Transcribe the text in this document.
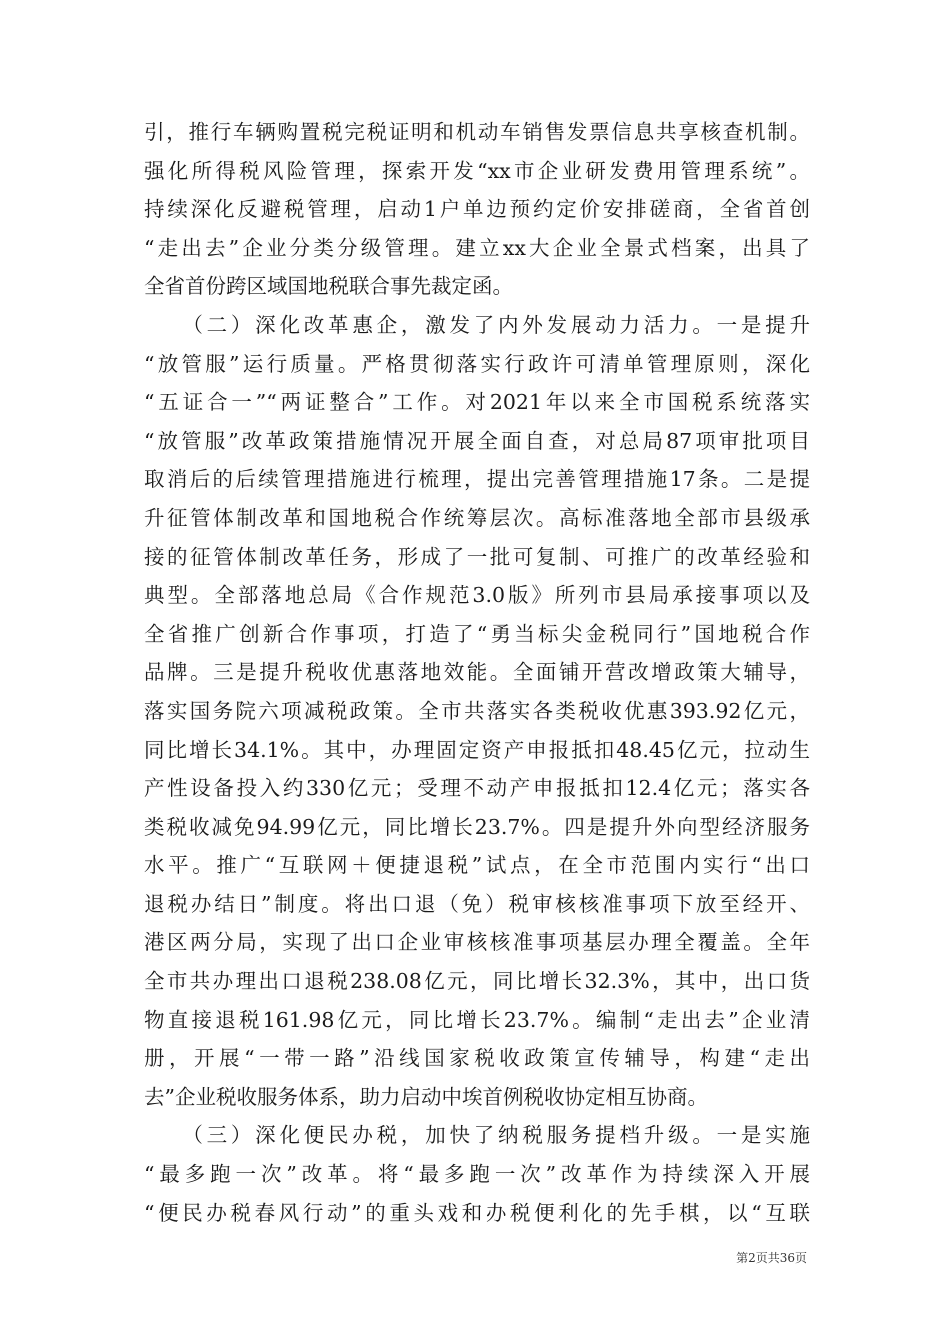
引，推行车辆购置税完税证明和机动车销售发票信息共享核查机制。
强化所得税风险管理，探索开发“xx市企业研发费用管理系统”。
持续深化反避税管理，启动1户单边预约定价安排磋商，全省首创
“走出去”企业分类分级管理。建立xx大企业全景式档案，出具了
全省首份跨区域国地税联合事先裁定函。
　　（二）深化改革惠企，激发了内外发展动力活力。一是提升
“放管服”运行质量。严格贯彻落实行政许可清单管理原则，深化
“五证合一”“两证整合”工作。对2021年以来全市国税系统落实
“放管服”改革政策措施情况开展全面自查，对总局87项审批项目
取消后的后续管理措施进行梳理，提出完善管理措施17条。二是提
升征管体制改革和国地税合作统筹层次。高标准落地全部市县级承
接的征管体制改革任务，形成了一批可复制、可推广的改革经验和
典型。全部落地总局《合作规范3.0版》所列市县局承接事项以及
全省推广创新合作事项，打造了“勇当标尖金税同行”国地税合作
品牌。三是提升税收优惠落地效能。全面铺开营改增政策大辅导，
落实国务院六项减税政策。全市共落实各类税收优惠393.92亿元，
同比增长34.1%。其中，办理固定资产申报抵扣48.45亿元，拉动生
产性设备投入约330亿元；受理不动产申报抵扣12.4亿元；落实各
类税收减免94.99亿元，同比增长23.7%。四是提升外向型经济服务
水平。推广“互联网＋便捷退税”试点，在全市范围内实行“出口
退税办结日”制度。将出口退（免）税审核核准事项下放至经开、
港区两分局，实现了出口企业审核核准事项基层办理全覆盖。全年
全市共办理出口退税238.08亿元，同比增长32.3%，其中，出口货
物直接退税161.98亿元，同比增长23.7%。编制“走出去”企业清
册，开展“一带一路”沿线国家税收政策宣传辅导，构建“走出
去”企业税收服务体系，助力启动中埃首例税收协定相互协商。
　　（三）深化便民办税，加快了纳税服务提档升级。一是实施
“最多跑一次”改革。将“最多跑一次”改革作为持续深入开展
“便民办税春风行动”的重头戏和办税便利化的先手棋，以“互联
第2页共36页
